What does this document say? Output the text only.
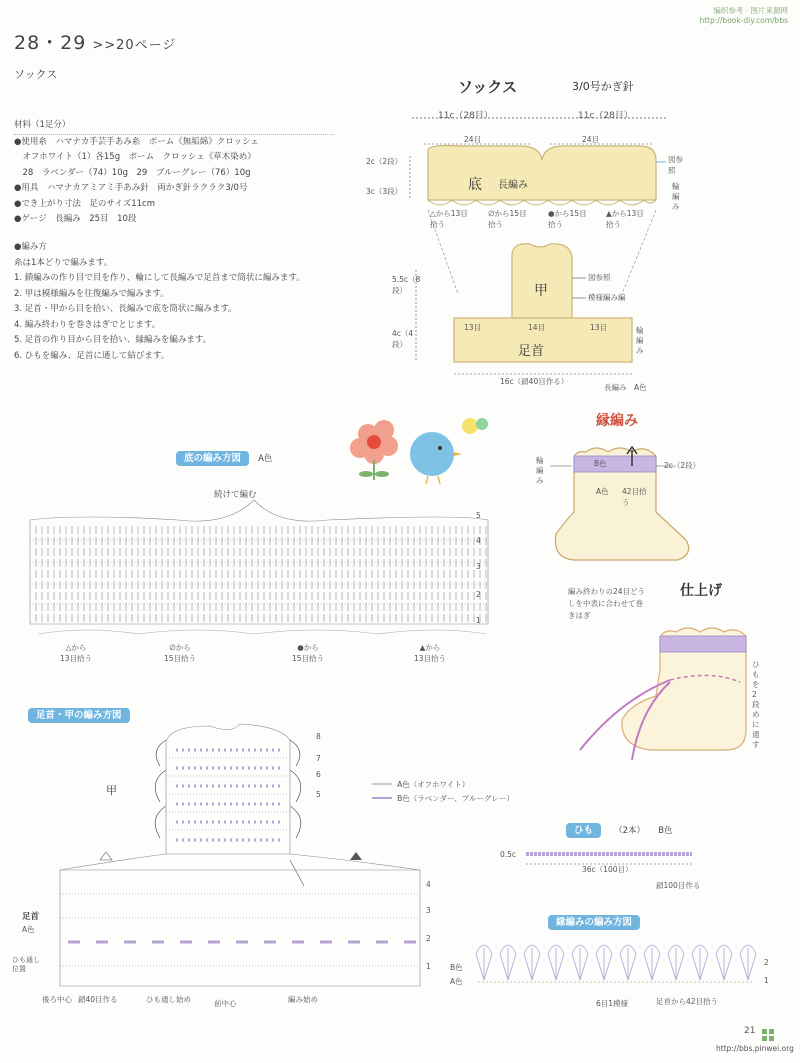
28・29 >>20ページ
ソックス
编织参考 · 图片来源网
http://book-diy.com/bbs
材料（1足分）
●使用糸　ハマナカ手芸手あみ糸　ポーム《無垢綿》クロッシェ
　オフホワイト（1）各15g　ポーム　クロッシェ《草木染め》
　28　ラベンダー（74）10g　29　ブルーグレー（76）10g
●用具　ハマナカアミアミ手あみ針　両かぎ針ラクラク3/0号
●でき上がり寸法　足のサイズ11cm
●ゲージ　長編み　25目　10段
●編み方
糸は1本どりで編みます。
1. 鎖編みの作り目で目を作り、輪にして長編みで足首まで筒状に編みます。
2. 甲は模様編みを往復編みで編みます。
3. 足首・甲から目を拾い、長編みで底を筒状に編みます。
4. 編み終わりを巻きはぎでとじます。
5. 足首の作り目から目を拾い、縁編みを編みます。
6. ひもを編み、足首に通して結びます。
ソックス	3/0号かぎ針
11c（28目）	11c（28目）
24目	24目
2c（2段）
3c（3段）	底 長編み
図参照
輪編み
△から13目拾う
∅から15目拾う
●から15目拾う
▲から13目拾う
5.5c（8段）
4c（4段）
甲
図参照
模様編み編
13目	14目	13目
足首
輪編み
16c（鎖40目作る）
長編み　A色
底の編み方図 A色
続けて編む
5
4
3
2
1
△から
13目拾う
∅から
15目拾う
●から
15目拾う
▲から
13目拾う
縁編み
輪編み
B色
A色 42目拾う
2c（2段）
編み終わりの24目どうしを中表に合わせて巻きはぎ
仕上げ
ひもを2段めに通す
足首・甲の編み方図
甲	A色（オフホワイト）
B色（ラベンダー、ブルーグレー）
8
7
6
5
4
3
2
1
足首
A色
ひも通し位置
後ろ中心 鎖40目作る	ひも通し始め	前中心	編み始め
ひも （2本） B色
0.5c
36c（100目）
鎖100目作る
縁編みの編み方図
B色
A色
2
1
6目1模様	足首から42目拾う
21
http://bbs.pinwei.org
